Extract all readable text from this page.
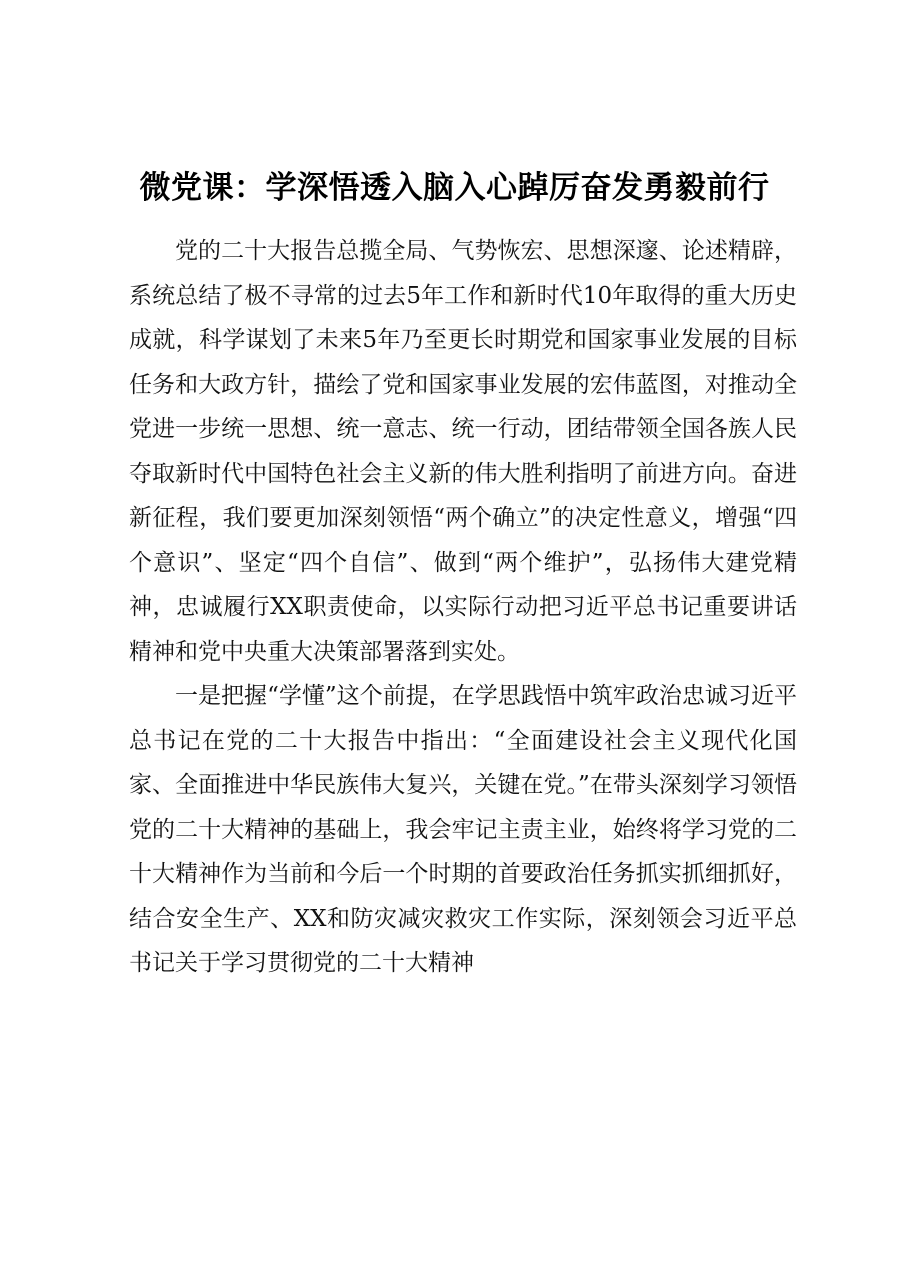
微党课：学深悟透入脑入心踔厉奋发勇毅前行

党的二十大报告总揽全局、气势恢宏、思想深邃、论述精辟，系统总结了极不寻常的过去5年工作和新时代10年取得的重大历史成就，科学谋划了未来5年乃至更长时期党和国家事业发展的目标任务和大政方针，描绘了党和国家事业发展的宏伟蓝图，对推动全党进一步统一思想、统一意志、统一行动，团结带领全国各族人民夺取新时代中国特色社会主义新的伟大胜利指明了前进方向。奋进新征程，我们要更加深刻领悟“两个确立”的决定性意义，增强“四个意识”、坚定“四个自信”、做到“两个维护”，弘扬伟大建党精神，忠诚履行XX职责使命，以实际行动把习近平总书记重要讲话精神和党中央重大决策部署落到实处。

一是把握“学懂”这个前提，在学思践悟中筑牢政治忠诚习近平总书记在党的二十大报告中指出：“全面建设社会主义现代化国家、全面推进中华民族伟大复兴，关键在党。”在带头深刻学习领悟党的二十大精神的基础上，我会牢记主责主业，始终将学习党的二十大精神作为当前和今后一个时期的首要政治任务抓实抓细抓好，结合安全生产、XX和防灾减灾救灾工作实际，深刻领会习近平总书记关于学习贯彻党的二十大精神
